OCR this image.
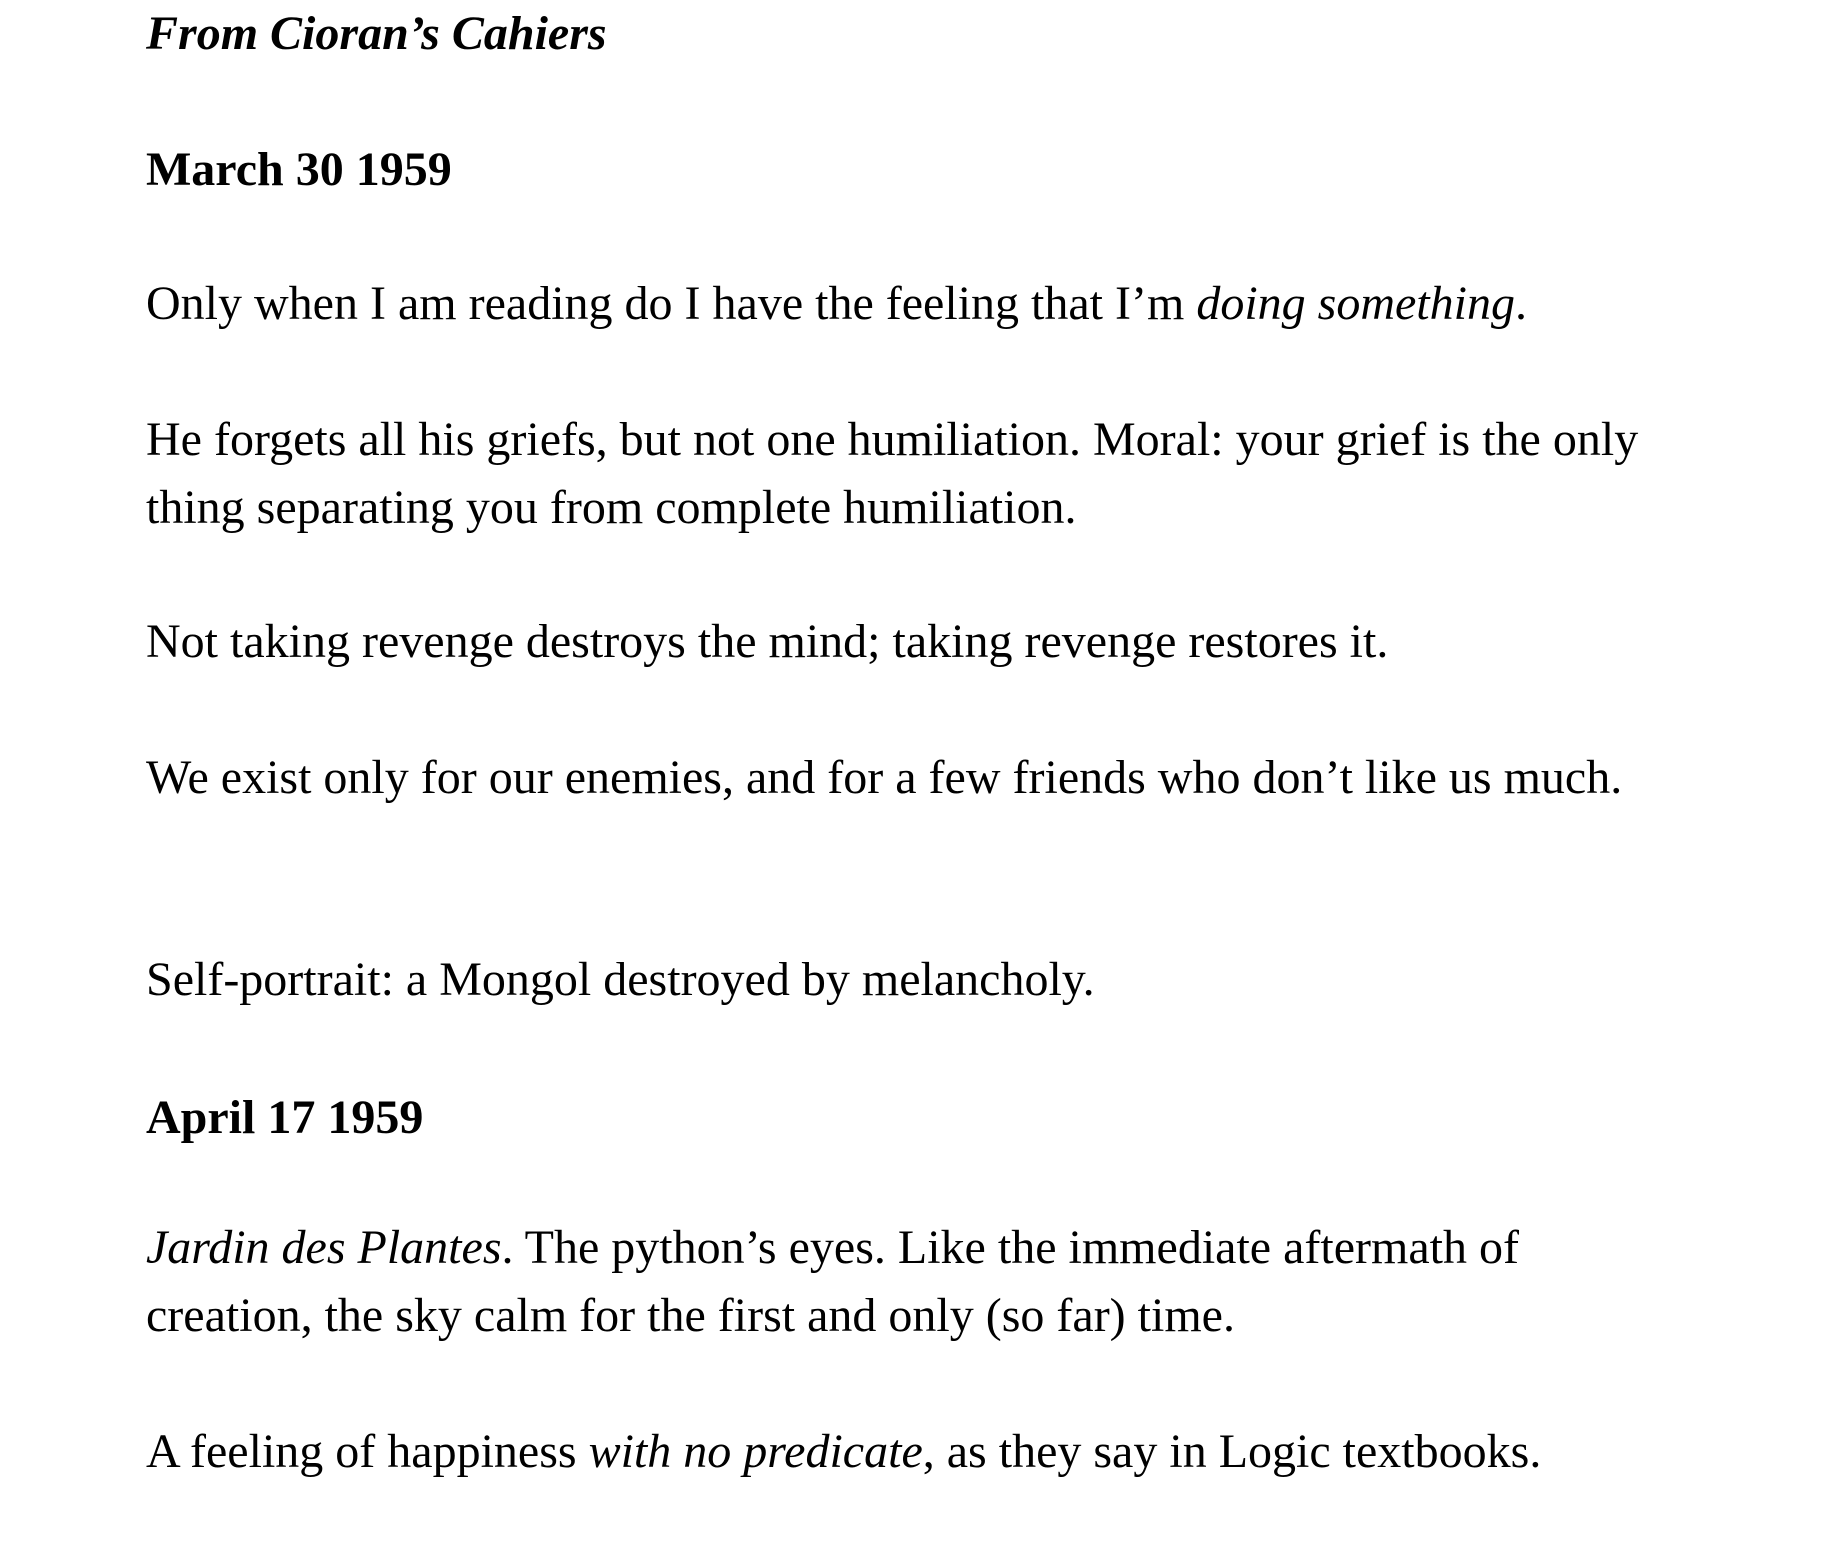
From Cioran’s Cahiers
March 30 1959

Only when I am reading do I have the feeling that I’m doing something.

He forgets all his griefs, but not one humiliation. Moral: your grief is the only thing separating you from complete humiliation.

Not taking revenge destroys the mind; taking revenge restores it.

We exist only for our enemies, and for a few friends who don’t like us much.

Self-portrait: a Mongol destroyed by melancholy.

April 17 1959

Jardin des Plantes. The python’s eyes. Like the immediate aftermath of creation, the sky calm for the first and only (so far) time.

A feeling of happiness with no predicate, as they say in Logic textbooks.
